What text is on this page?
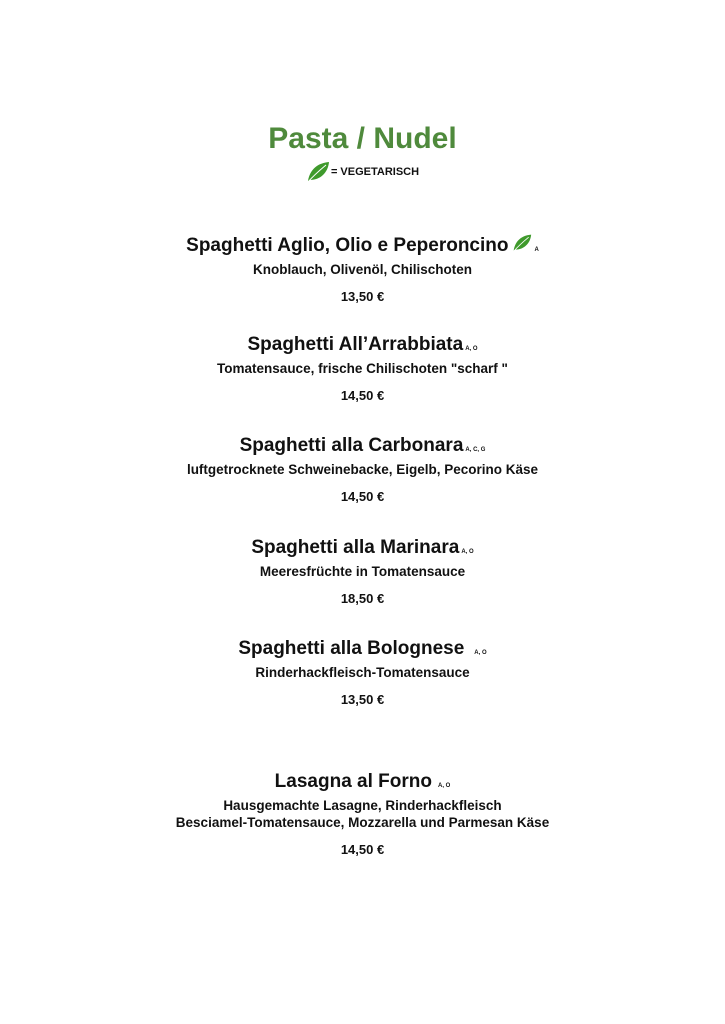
Pasta / Nudel
= VEGETARISCH
Spaghetti Aglio, Olio e Peperoncino	A
Knoblauch, Olivenöl, Chilischoten
13,50 €
Spaghetti All’Arrabbiata A, O
Tomatensauce, frische Chilischoten "scharf "
14,50 €
Spaghetti alla Carbonara A, C, G
luftgetrocknete Schweinebacke, Eigelb, Pecorino Käse
14,50 €
Spaghetti alla Marinara A, O
Meeresfrüchte in Tomatensauce
18,50 €
Spaghetti alla Bolognese A, O
Rinderhackfleisch-Tomatensauce
13,50 €
Lasagna al Forno A, O
Hausgemachte Lasagne, Rinderhackfleisch
Besciamel-Tomatensauce, Mozzarella und Parmesan Käse
14,50 €
